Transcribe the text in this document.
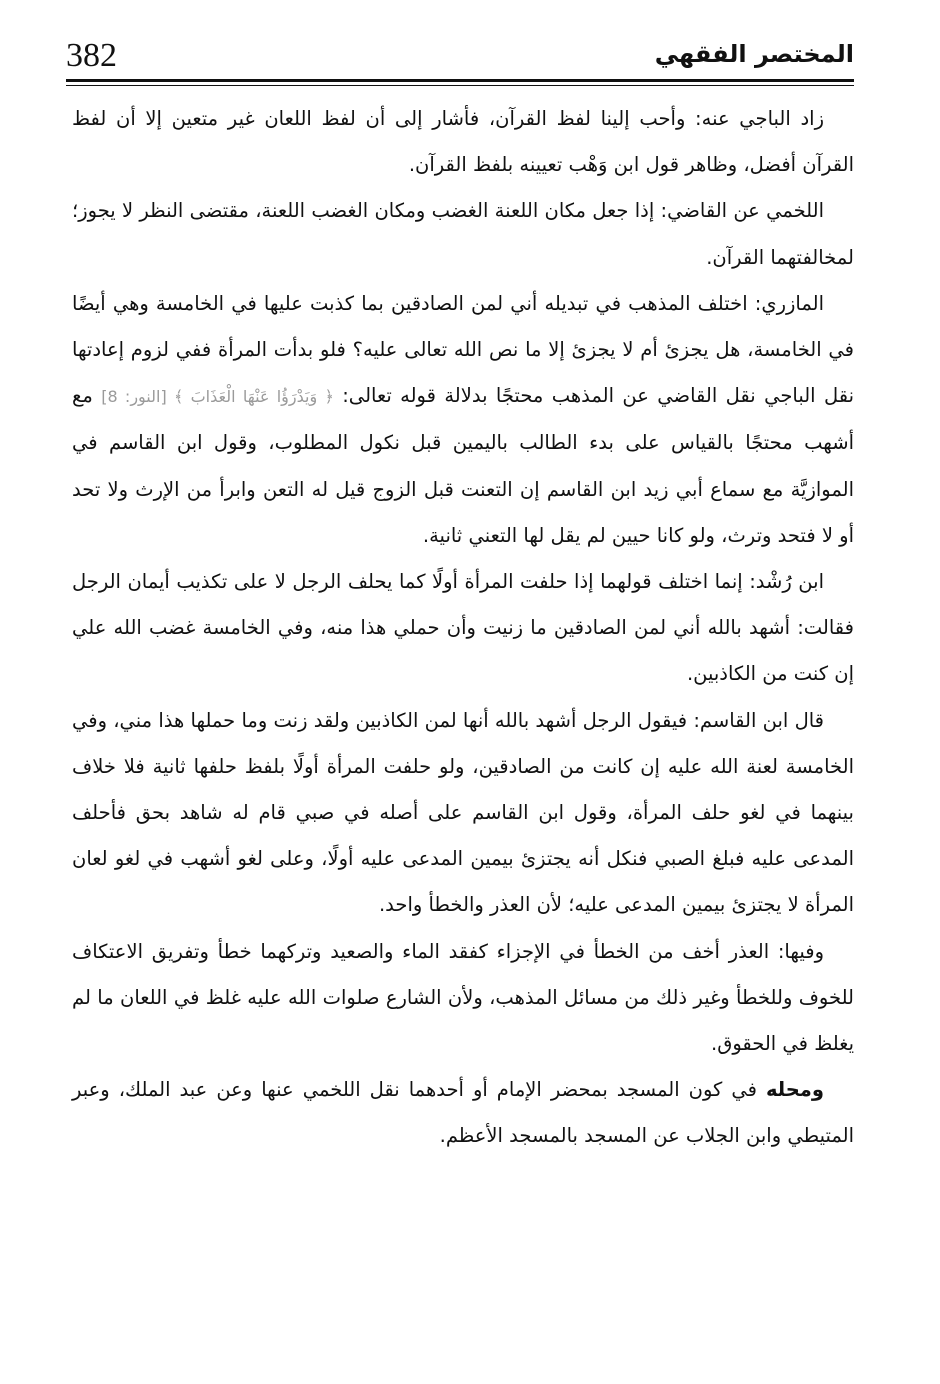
382	المختصر الفقهي

زاد الباجي عنه: وأحب إلينا لفظ القرآن، فأشار إلى أن لفظ اللعان غير متعين إلا أن لفظ القرآن أفضل، وظاهر قول ابن وَهْب تعيينه بلفظ القرآن.

اللخمي عن القاضي: إذا جعل مكان اللعنة الغضب ومكان الغضب اللعنة، مقتضى النظر لا يجوز؛ لمخالفتهما القرآن.

المازري: اختلف المذهب في تبديله أني لمن الصادقين بما كذبت عليها في الخامسة وهي أيضًا في الخامسة، هل يجزئ أم لا يجزئ إلا ما نص الله تعالى عليه؟ فلو بدأت المرأة ففي لزوم إعادتها نقل الباجي نقل القاضي عن المذهب محتجًا بدلالة قوله تعالى: ﴿ وَيَدْرَؤُا عَنْهَا الْعَذَابَ ﴾ [النور: 8] مع أشهب محتجًا بالقياس على بدء الطالب باليمين قبل نكول المطلوب، وقول ابن القاسم في الموازيَّة مع سماع أبي زيد ابن القاسم إن التعنت قبل الزوج قيل له التعن وابرأ من الإرث ولا تحد أو لا فتحد وترث، ولو كانا حيين لم يقل لها التعني ثانية.

ابن رُشْد: إنما اختلف قولهما إذا حلفت المرأة أولًا كما يحلف الرجل لا على تكذيب أيمان الرجل فقالت: أشهد بالله أني لمن الصادقين ما زنيت وأن حملي هذا منه، وفي الخامسة غضب الله علي إن كنت من الكاذبين.

قال ابن القاسم: فيقول الرجل أشهد بالله أنها لمن الكاذبين ولقد زنت وما حملها هذا مني، وفي الخامسة لعنة الله عليه إن كانت من الصادقين، ولو حلفت المرأة أولًا بلفظ حلفها ثانية فلا خلاف بينهما في لغو حلف المرأة، وقول ابن القاسم على أصله في صبي قام له شاهد بحق فأحلف المدعى عليه فبلغ الصبي فنكل أنه يجتزئ بيمين المدعى عليه أولًا، وعلى لغو أشهب في لغو لعان المرأة لا يجتزئ بيمين المدعى عليه؛ لأن العذر والخطأ واحد.

وفيها: العذر أخف من الخطأ في الإجزاء كفقد الماء والصعيد وتركهما خطأ وتفريق الاعتكاف للخوف وللخطأ وغير ذلك من مسائل المذهب، ولأن الشارع صلوات الله عليه غلظ في اللعان ما لم يغلظ في الحقوق.

ومحله في كون المسجد بمحضر الإمام أو أحدهما نقل اللخمي عنها وعن عبد الملك، وعبر المتيطي وابن الجلاب عن المسجد بالمسجد الأعظم.
